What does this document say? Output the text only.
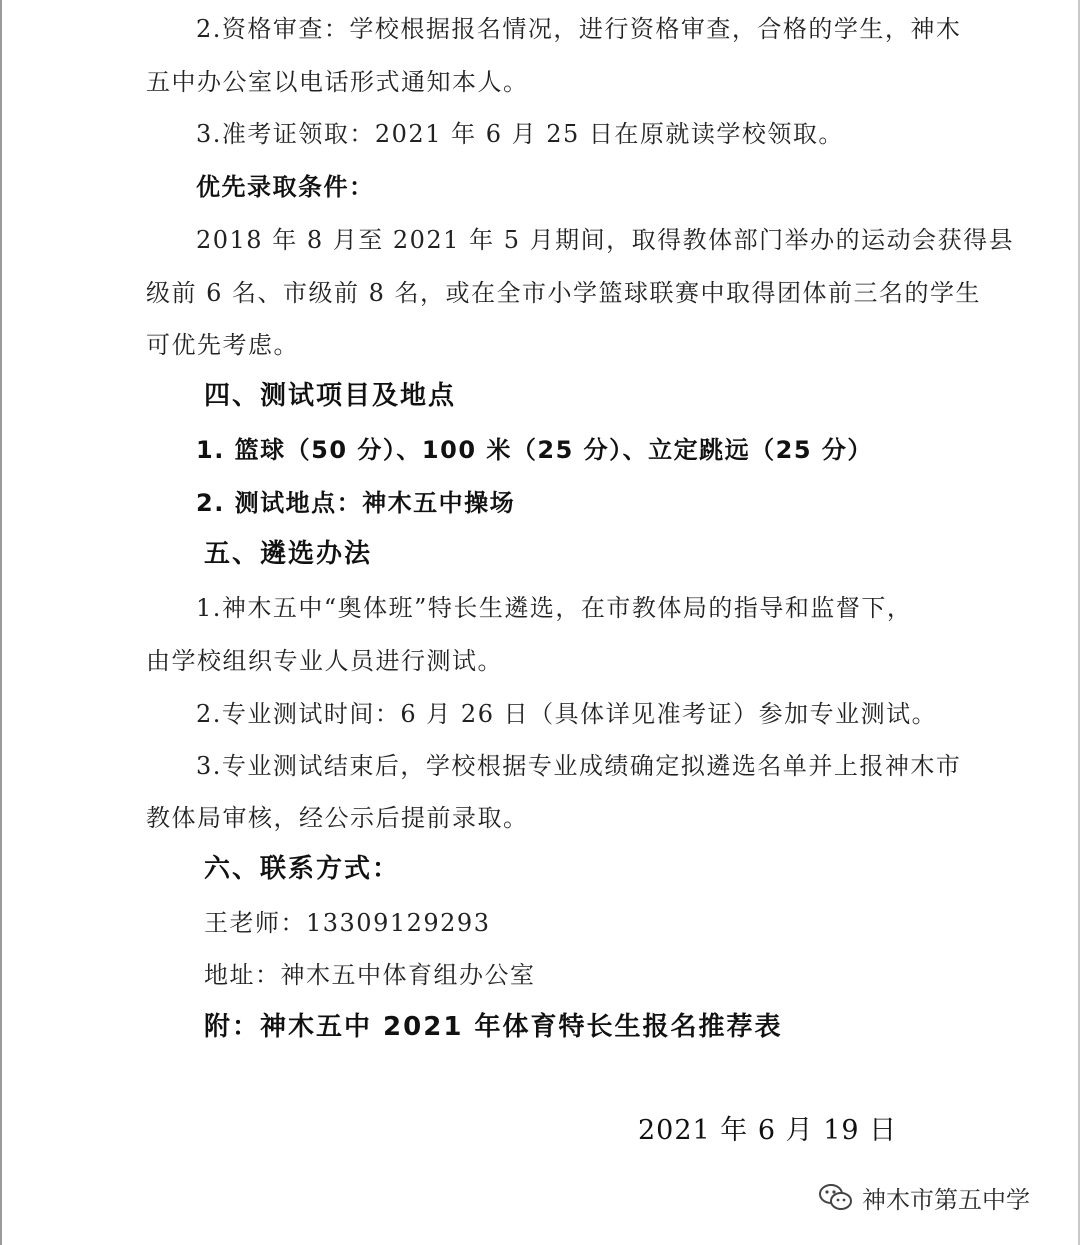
2.资格审查：学校根据报名情况，进行资格审查，合格的学生，神木
五中办公室以电话形式通知本人。
3.准考证领取：2021 年 6 月 25 日在原就读学校领取。
优先录取条件：
2018 年 8 月至 2021 年 5 月期间，取得教体部门举办的运动会获得县
级前 6 名、市级前 8 名，或在全市小学篮球联赛中取得团体前三名的学生
可优先考虑。
四、测试项目及地点
1. 篮球（50 分）、100 米（25 分）、立定跳远（25 分）
2. 测试地点：神木五中操场
五、遴选办法
1.神木五中“奥体班”特长生遴选，在市教体局的指导和监督下，
由学校组织专业人员进行测试。
2.专业测试时间：6 月 26 日（具体详见准考证）参加专业测试。
3.专业测试结束后，学校根据专业成绩确定拟遴选名单并上报神木市
教体局审核，经公示后提前录取。
六、联系方式：
王老师：13309129293
地址：神木五中体育组办公室
附：神木五中 2021 年体育特长生报名推荐表
2021 年 6 月 19 日
神木市第五中学
